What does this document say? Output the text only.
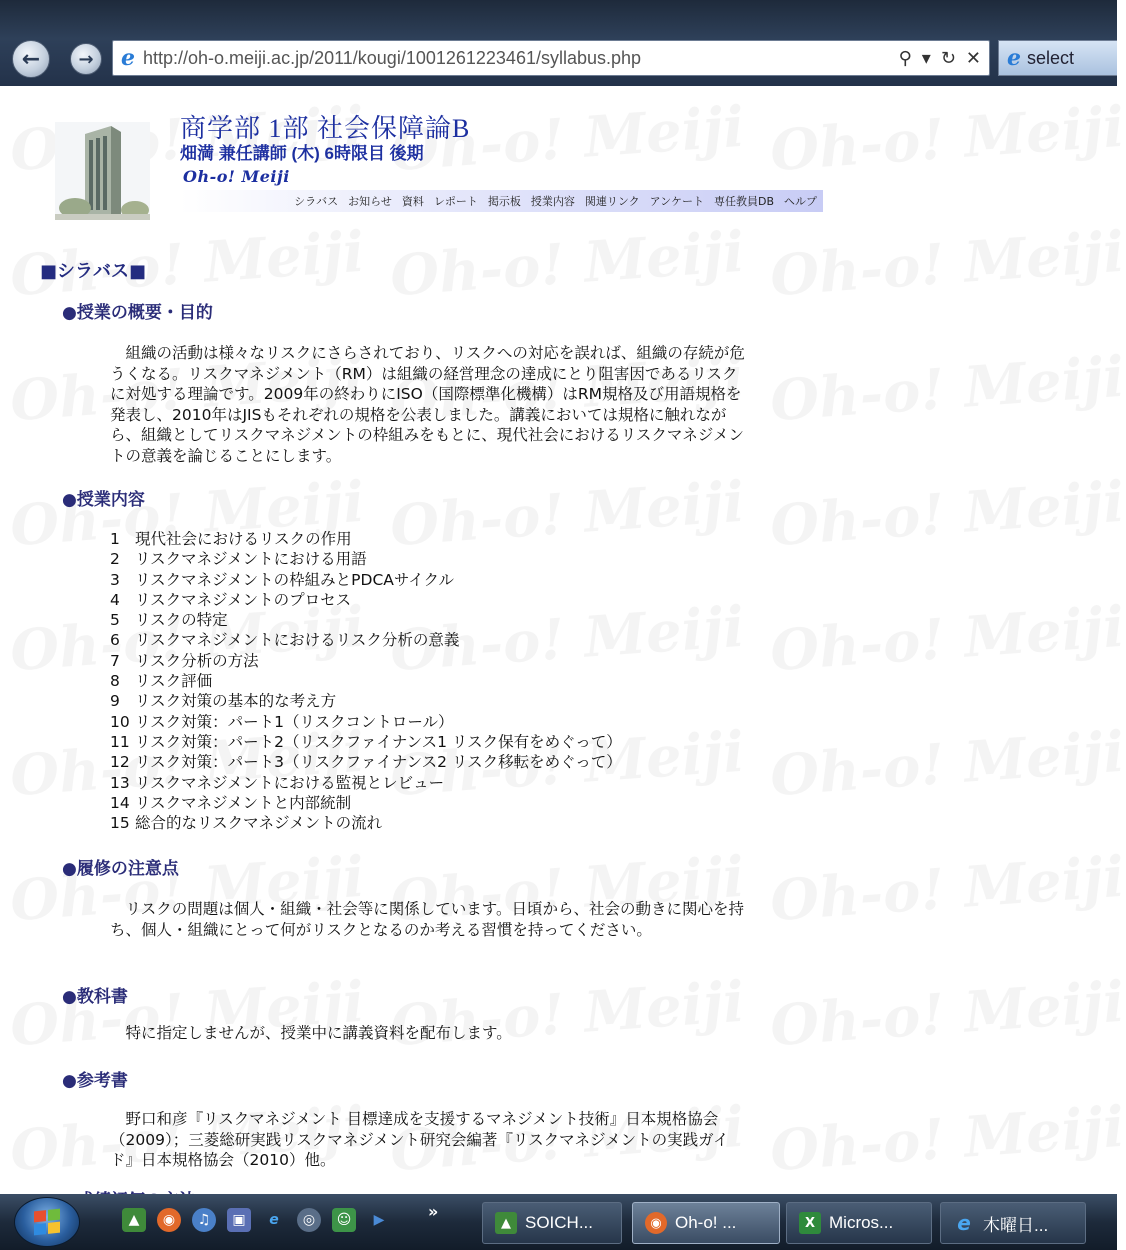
← →	e http://oh-o.meiji.ac.jp/2011/kougi/1001261223461/syllabus.php	⚲ ▾ ↻ ✕ e select
商学部 1部 社会保障論B
畑満 兼任講師 (木) 6時限目 後期
Oh-o! Meiji
シラバス お知らせ 資料 レポート 掲示板 授業内容 関連リンク アンケート 専任教員DB ヘルプ
■シラバス■
●授業の概要・目的
組織の活動は様々なリスクにさらされており、リスクへの対応を誤れば、組織の存続が危うくなる。リスクマネジメント（RM）は組織の経営理念の達成にとり阻害因であるリスクに対処する理論です。2009年の終わりにISO（国際標準化機構）はRM規格及び用語規格を発表し、2010年はJISもそれぞれの規格を公表しました。講義においては規格に触れながら、組織としてリスクマネジメントの枠組みをもとに、現代社会におけるリスクマネジメントの意義を論じることにします。
●授業内容
1 現代社会におけるリスクの作用
2 リスクマネジメントにおける用語
3 リスクマネジメントの枠組みとPDCAサイクル
4 リスクマネジメントのプロセス
5 リスクの特定
6 リスクマネジメントにおけるリスク分析の意義
7 リスク分析の方法
8 リスク評価
9 リスク対策の基本的な考え方
10 リスク対策：パート1（リスクコントロール）
11 リスク対策：パート2（リスクファイナンス1 リスク保有をめぐって）
12 リスク対策：パート3（リスクファイナンス2 リスク移転をめぐって）
13 リスクマネジメントにおける監視とレビュー
14 リスクマネジメントと内部統制
15 総合的なリスクマネジメントの流れ
●履修の注意点
リスクの問題は個人・組織・社会等に関係しています。日頃から、社会の動きに関心を持ち、個人・組織にとって何がリスクとなるのか考える習慣を持ってください。
●教科書
特に指定しませんが、授業中に講義資料を配布します。
●参考書
野口和彦『リスクマネジメント 目標達成を支援するマネジメント技術』日本規格協会（2009）；三菱総研実践リスクマネジメント研究会編著『リスクマネジメントの実践ガイド』日本規格協会（2010）他。
▲	◉	♫	▣	e	◎	☺	▶	»
▲ SOICH...	◉ Oh-o! ...	X Micros...	e 木曜日...
